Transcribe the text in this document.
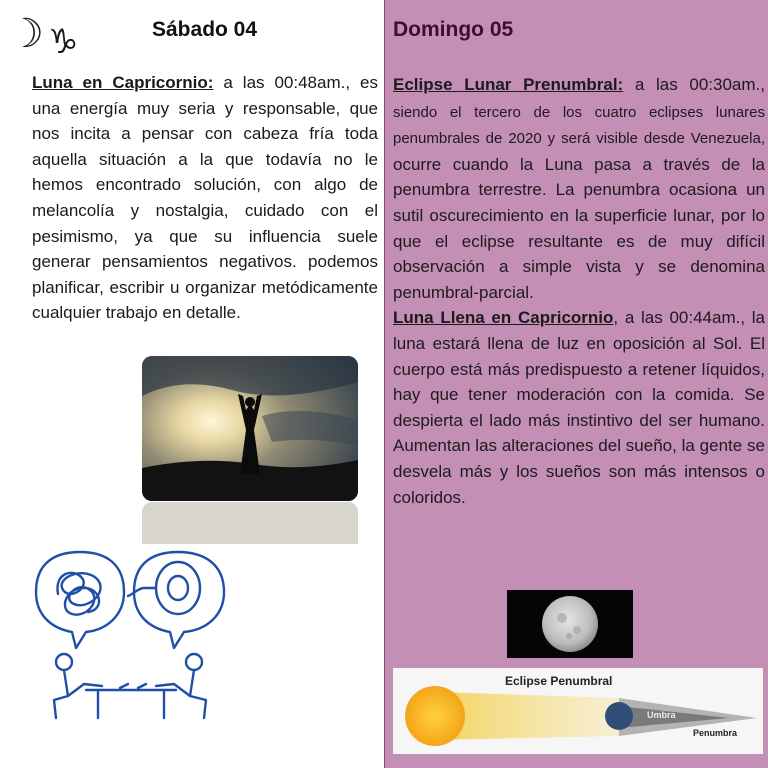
☽ ♑	Sábado 04

Luna en Capricornio: a las 00:48am., es una energía muy seria y responsable, que nos incita a pensar con cabeza fría toda aquella situación a la que todavía no le hemos encontrado solución, con algo de melancolía y nostalgia, cuidado con el pesimismo, ya que su influencia suele generar pensamientos negativos. podemos planificar, escribir u organizar metódicamente cualquier trabajo en detalle.

Domingo 05

Eclipse Lunar Prenumbral: a las 00:30am., siendo el tercero de los cuatro eclipses lunares penumbrales de 2020 y será visible desde Venezuela, ocurre cuando la Luna pasa a través de la penumbra terrestre. La penumbra ocasiona un sutil oscurecimiento en la superficie lunar, por lo que el eclipse resultante es de muy difícil observación a simple vista y se denomina penumbral-parcial.
Luna Llena en Capricornio, a las 00:44am., la luna estará llena de luz en oposición al Sol. El cuerpo está más predispuesto a retener líquidos, hay que tener moderación con la comida. Se despierta el lado más instintivo del ser humano. Aumentan las alteraciones del sueño, la gente se desvela más y los sueños son más intensos o coloridos.

Eclipse Penumbral
Umbra
Penumbra
